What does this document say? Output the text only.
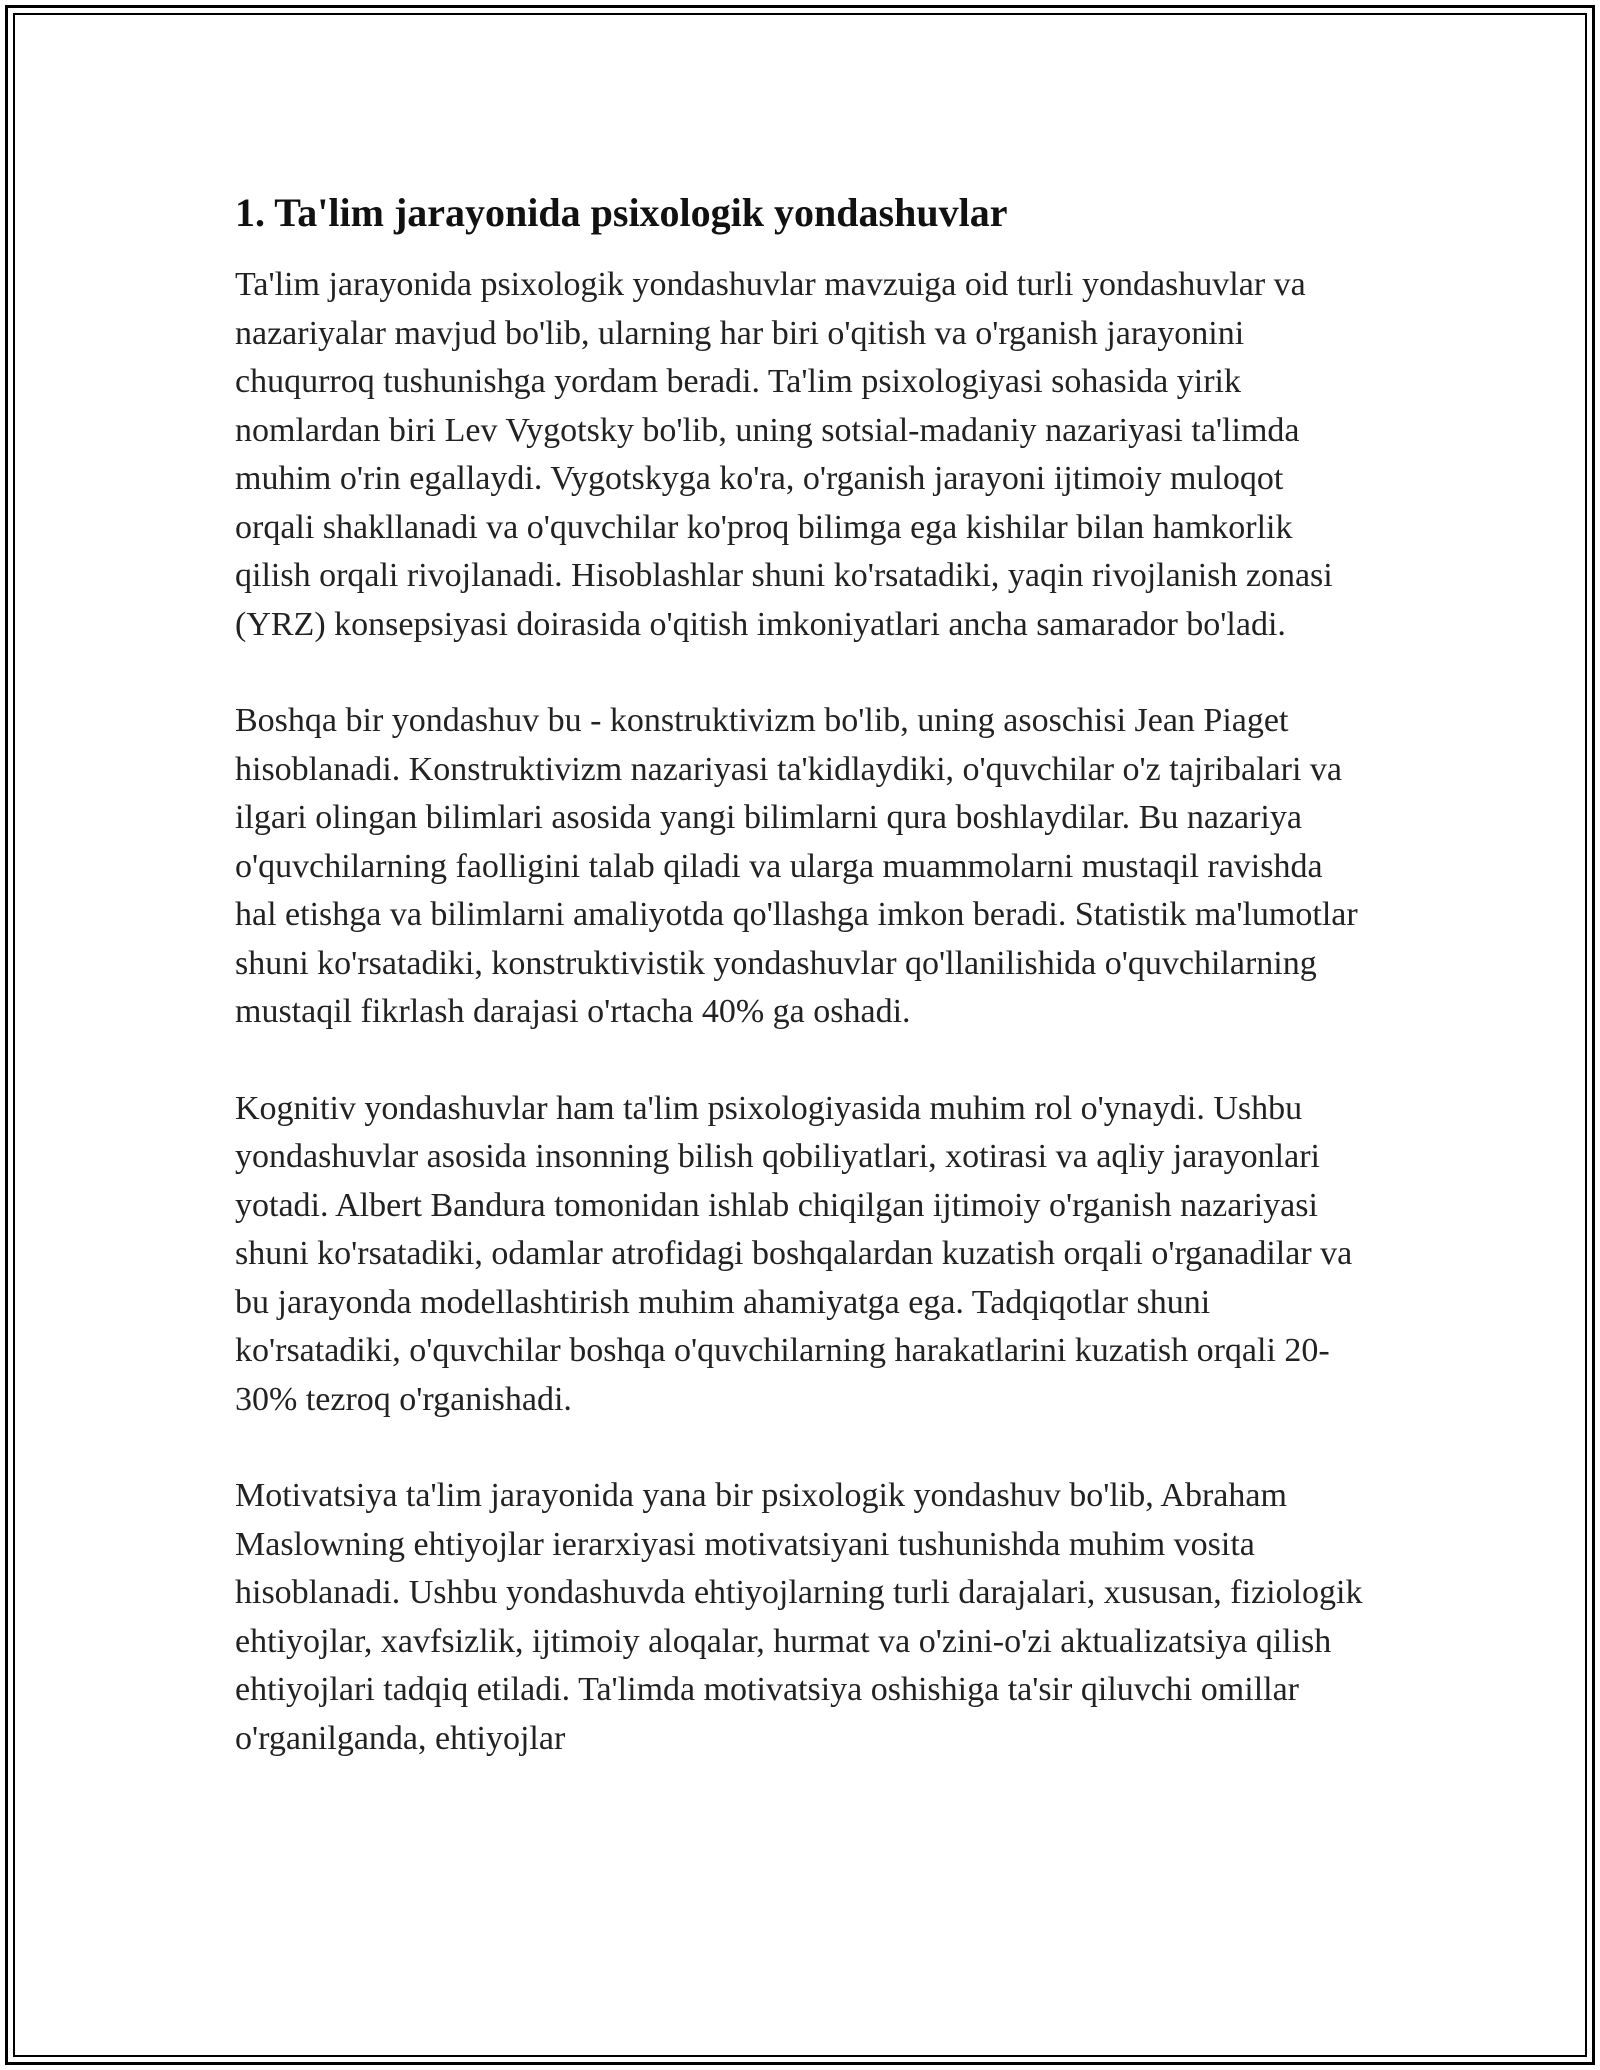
1. Ta'lim jarayonida psixologik yondashuvlar

Ta'lim jarayonida psixologik yondashuvlar mavzuiga oid turli yondashuvlar va nazariyalar mavjud bo'lib, ularning har biri o'qitish va o'rganish jarayonini chuqurroq tushunishga yordam beradi. Ta'lim psixologiyasi sohasida yirik nomlardan biri Lev Vygotsky bo'lib, uning sotsial-madaniy nazariyasi ta'limda muhim o'rin egallaydi. Vygotskyga ko'ra, o'rganish jarayoni ijtimoiy muloqot orqali shakllanadi va o'quvchilar ko'proq bilimga ega kishilar bilan hamkorlik qilish orqali rivojlanadi. Hisoblashlar shuni ko'rsatadiki, yaqin rivojlanish zonasi (YRZ) konsepsiyasi doirasida o'qitish imkoniyatlari ancha samarador bo'ladi.

Boshqa bir yondashuv bu - konstruktivizm bo'lib, uning asoschisi Jean Piaget hisoblanadi. Konstruktivizm nazariyasi ta'kidlaydiki, o'quvchilar o'z tajribalari va ilgari olingan bilimlari asosida yangi bilimlarni qura boshlaydilar. Bu nazariya o'quvchilarning faolligini talab qiladi va ularga muammolarni mustaqil ravishda hal etishga va bilimlarni amaliyotda qo'llashga imkon beradi. Statistik ma'lumotlar shuni ko'rsatadiki, konstruktivistik yondashuvlar qo'llanilishida o'quvchilarning mustaqil fikrlash darajasi o'rtacha 40% ga oshadi.

Kognitiv yondashuvlar ham ta'lim psixologiyasida muhim rol o'ynaydi. Ushbu yondashuvlar asosida insonning bilish qobiliyatlari, xotirasi va aqliy jarayonlari yotadi. Albert Bandura tomonidan ishlab chiqilgan ijtimoiy o'rganish nazariyasi shuni ko'rsatadiki, odamlar atrofidagi boshqalardan kuzatish orqali o'rganadilar va bu jarayonda modellashtirish muhim ahamiyatga ega. Tadqiqotlar shuni ko'rsatadiki, o'quvchilar boshqa o'quvchilarning harakatlarini kuzatish orqali 20-30% tezroq o'rganishadi.

Motivatsiya ta'lim jarayonida yana bir psixologik yondashuv bo'lib, Abraham Maslowning ehtiyojlar ierarxiyasi motivatsiyani tushunishda muhim vosita hisoblanadi. Ushbu yondashuvda ehtiyojlarning turli darajalari, xususan, fiziologik ehtiyojlar, xavfsizlik, ijtimoiy aloqalar, hurmat va o'zini-o'zi aktualizatsiya qilish ehtiyojlari tadqiq etiladi. Ta'limda motivatsiya oshishiga ta'sir qiluvchi omillar o'rganilganda, ehtiyojlar
